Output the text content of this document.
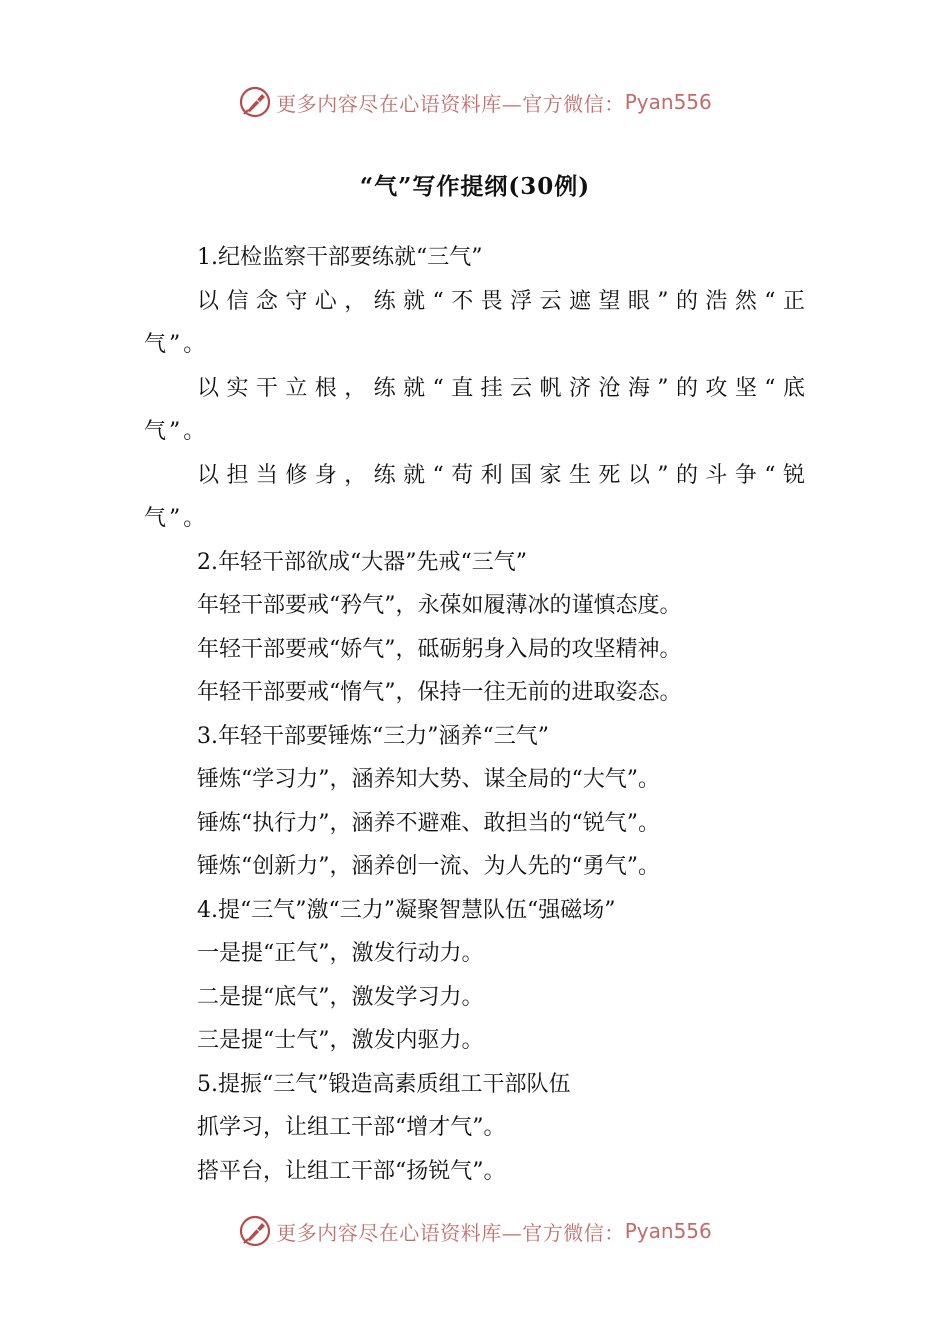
更多内容尽在心语资料库—官方微信： Pyan556
“气”写作提纲(30例)

1.纪检监察干部要练就“三气”

以信念守心，练就“不畏浮云遮望眼”的浩然“正
气”。

以实干立根，练就“直挂云帆济沧海”的攻坚“底
气”。

以担当修身，练就“苟利国家生死以”的斗争“锐
气”。

2.年轻干部欲成“大器”先戒“三气”

年轻干部要戒“矜气”，永葆如履薄冰的谨慎态度。

年轻干部要戒“娇气”，砥砺躬身入局的攻坚精神。

年轻干部要戒“惰气”，保持一往无前的进取姿态。

3.年轻干部要锤炼“三力”涵养“三气”

锤炼“学习力”，涵养知大势、谋全局的“大气”。

锤炼“执行力”，涵养不避难、敢担当的“锐气”。

锤炼“创新力”，涵养创一流、为人先的“勇气”。

4.提“三气”激“三力”凝聚智慧队伍“强磁场”

一是提“正气”，激发行动力。

二是提“底气”，激发学习力。

三是提“士气”，激发内驱力。

5.提振“三气”锻造高素质组工干部队伍

抓学习，让组工干部“增才气”。

搭平台，让组工干部“扬锐气”。

更多内容尽在心语资料库—官方微信： Pyan556
